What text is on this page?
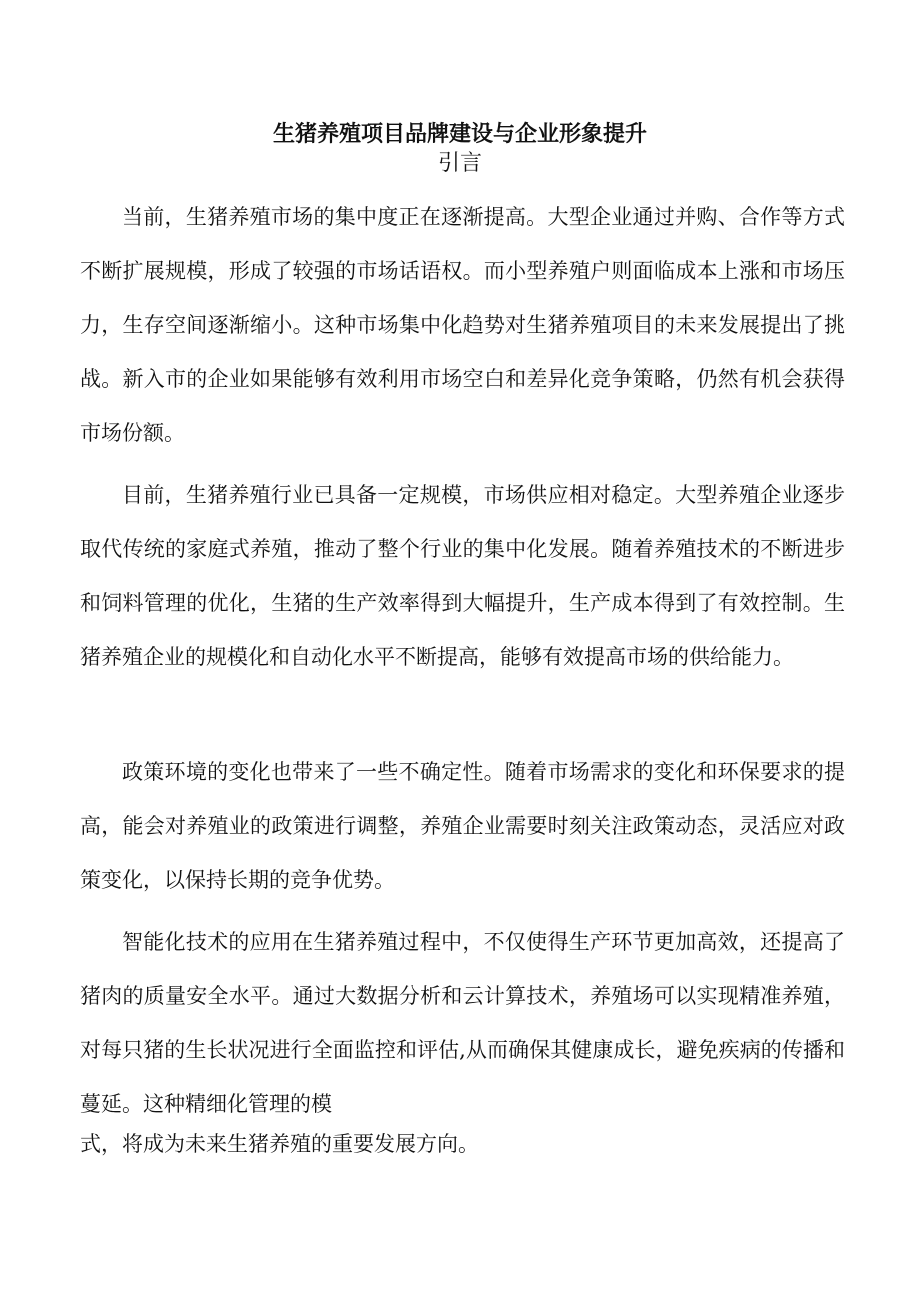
生猪养殖项目品牌建设与企业形象提升
引言

当前，生猪养殖市场的集中度正在逐渐提高。大型企业通过并购、合作等方式不断扩展规模，形成了较强的市场话语权。而小型养殖户则面临成本上涨和市场压力，生存空间逐渐缩小。这种市场集中化趋势对生猪养殖项目的未来发展提出了挑战。新入市的企业如果能够有效利用市场空白和差异化竞争策略，仍然有机会获得市场份额。

目前，生猪养殖行业已具备一定规模，市场供应相对稳定。大型养殖企业逐步取代传统的家庭式养殖，推动了整个行业的集中化发展。随着养殖技术的不断进步和饲料管理的优化，生猪的生产效率得到大幅提升，生产成本得到了有效控制。生猪养殖企业的规模化和自动化水平不断提高，能够有效提高市场的供给能力。

政策环境的变化也带来了一些不确定性。随着市场需求的变化和环保要求的提高，能会对养殖业的政策进行调整，养殖企业需要时刻关注政策动态，灵活应对政策变化，以保持长期的竞争优势。

智能化技术的应用在生猪养殖过程中，不仅使得生产环节更加高效，还提高了猪肉的质量安全水平。通过大数据分析和云计算技术，养殖场可以实现精准养殖，对每只猪的生长状况进行全面监控和评估,从而确保其健康成长，避免疾病的传播和蔓延。这种精细化管理的模

式，将成为未来生猪养殖的重要发展方向。
